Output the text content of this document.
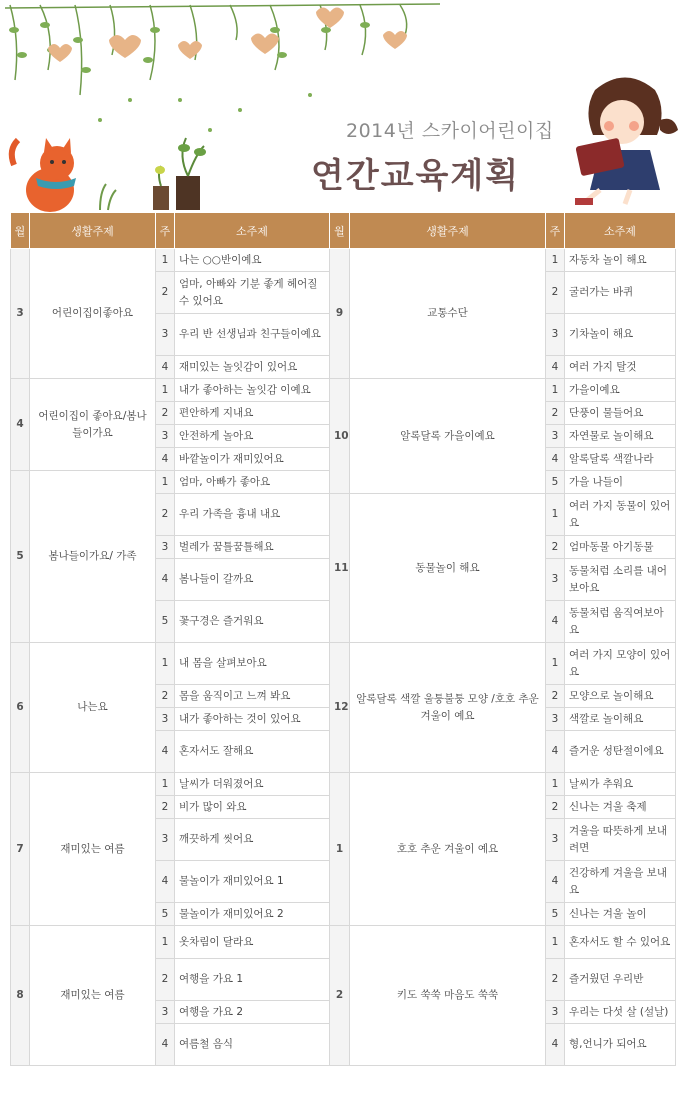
2014년 스카이어린이집
연간교육계획
월	생활주제	주	소주제	월	생활주제	주	소주제
3	어린이집이좋아요	1	나는 ○○반이예요	9	교통수단	1	자동차 놀이 해요
		2	엄마, 아빠와 기분 좋게 헤어질 수 있어요			2	굴러가는 바퀴
		3	우리 반 선생님과 친구들이예요			3	기차놀이 해요
		4	재미있는 놀잇감이 있어요			4	여러 가지 탈것
4	어린이집이 좋아요/봄나들이가요	1	내가 좋아하는 놀잇감 이예요	10	알록달록 가을이예요	1	가을이예요
		2	편안하게 지내요			2	단풍이 물들어요
		3	안전하게 놀아요			3	자연물로 놀이해요
		4	바깥놀이가 재미있어요			4	알록달록 색깔나라
5	봄나들이가요/ 가족	1	엄마, 아빠가 좋아요			5	가을 나들이
		2	우리 가족을 흉내 내요	11	동물놀이 해요	1	여러 가지 동물이 있어요
		3	벌레가 꿈틀꿈틀해요			2	엄마동물 아기동물
		4	봄나들이 갈까요			3	동물처럼 소리를 내어보아요
		5	꽃구경은 즐거워요			4	동물처럼 움직여보아요
6	나는요	1	내 몸을 살펴보아요	12	알록달록 색깔 울퉁불퉁 모양 /호호 추운 겨울이 예요	1	여러 가지 모양이 있어요
		2	몸을 움직이고 느껴 봐요			2	모양으로 놀이해요
		3	내가 좋아하는 것이 있어요			3	색깔로 놀이해요
		4	혼자서도 잘해요			4	즐거운 성탄절이에요
7	재미있는 여름	1	날씨가 더워졌어요	1	호호 추운 겨울이 예요	1	날씨가 추워요
		2	비가 많이 와요			2	신나는 겨울 축제
		3	깨끗하게 씻어요			3	겨울을 따뜻하게 보내려면
		4	물놀이가 재미있어요 1			4	건강하게 겨울을 보내요
		5	물놀이가 재미있어요 2			5	신나는 겨울 놀이
8	재미있는 여름	1	옷차림이 달라요	2	키도 쑥쑥 마음도 쑥쑥	1	혼자서도 할 수 있어요
		2	여행을 가요 1			2	즐거웠던 우리반
		3	여행을 가요 2			3	우리는 다섯 살 (설날)
		4	여름철 음식			4	형,언니가 되어요
